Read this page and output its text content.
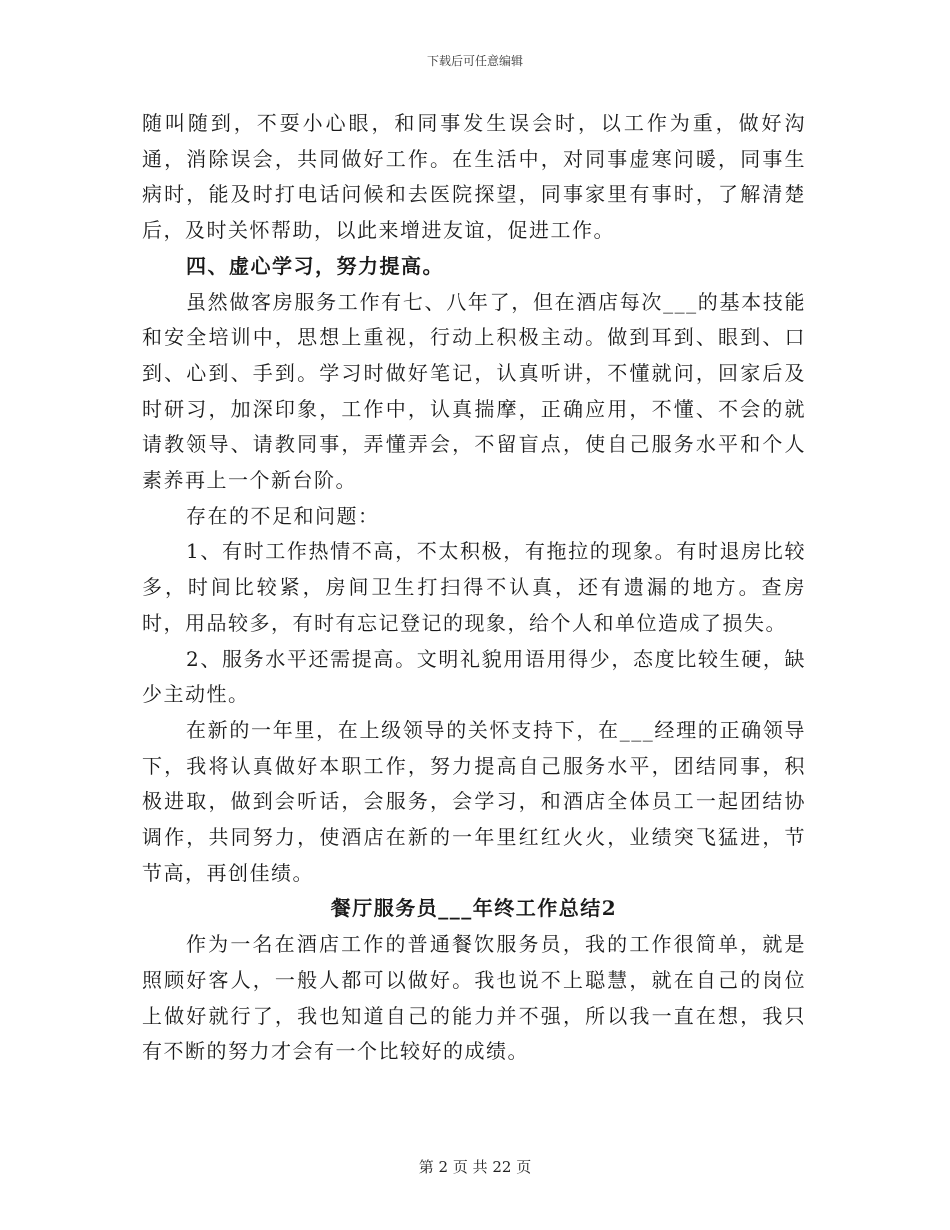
下载后可任意编辑

随叫随到，不耍小心眼，和同事发生误会时，以工作为重，做好沟通，消除误会，共同做好工作。在生活中，对同事虚寒问暖，同事生病时，能及时打电话问候和去医院探望，同事家里有事时，了解清楚后，及时关怀帮助，以此来增进友谊，促进工作。

四、虚心学习，努力提高。

虽然做客房服务工作有七、八年了，但在酒店每次___的基本技能和安全培训中，思想上重视，行动上积极主动。做到耳到、眼到、口到、心到、手到。学习时做好笔记，认真听讲，不懂就问，回家后及时研习，加深印象，工作中，认真揣摩，正确应用，不懂、不会的就请教领导、请教同事，弄懂弄会，不留盲点，使自己服务水平和个人素养再上一个新台阶。

存在的不足和问题：

1、有时工作热情不高，不太积极，有拖拉的现象。有时退房比较多，时间比较紧，房间卫生打扫得不认真，还有遗漏的地方。查房时，用品较多，有时有忘记登记的现象，给个人和单位造成了损失。

2、服务水平还需提高。文明礼貌用语用得少，态度比较生硬，缺少主动性。

在新的一年里，在上级领导的关怀支持下，在___经理的正确领导下，我将认真做好本职工作，努力提高自己服务水平，团结同事，积极进取，做到会听话，会服务，会学习，和酒店全体员工一起团结协调作，共同努力，使酒店在新的一年里红红火火，业绩突飞猛进，节节高，再创佳绩。

餐厅服务员___年终工作总结2

作为一名在酒店工作的普通餐饮服务员，我的工作很简单，就是照顾好客人，一般人都可以做好。我也说不上聪慧，就在自己的岗位上做好就行了，我也知道自己的能力并不强，所以我一直在想，我只有不断的努力才会有一个比较好的成绩。

第 2 页 共 22 页
